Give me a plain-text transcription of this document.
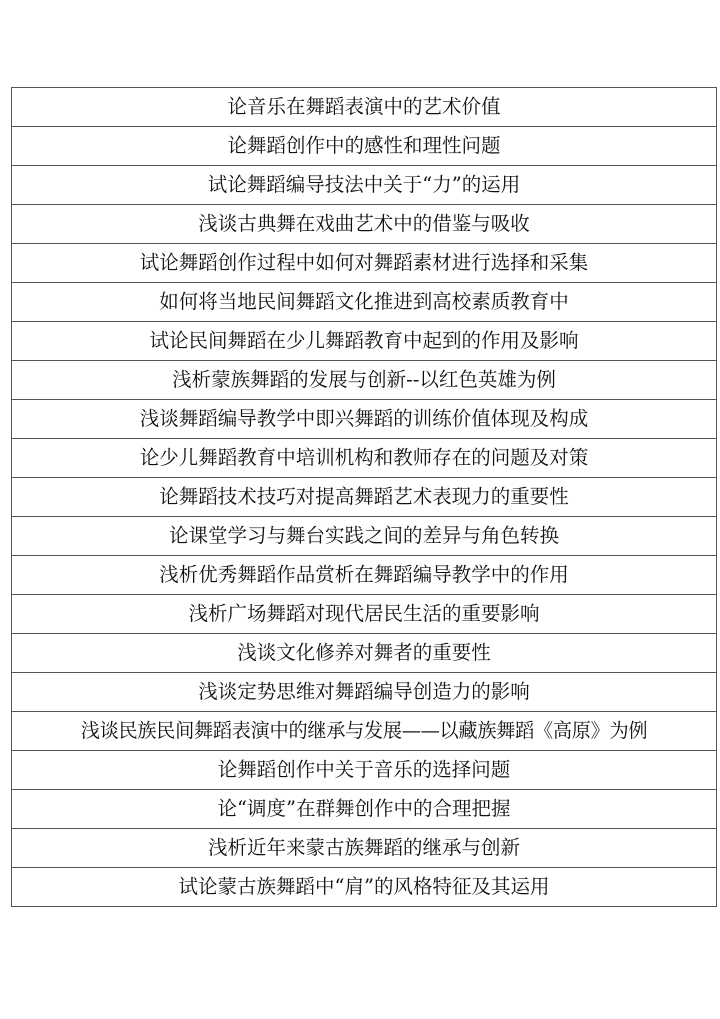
论音乐在舞蹈表演中的艺术价值
论舞蹈创作中的感性和理性问题
试论舞蹈编导技法中关于“力”的运用
浅谈古典舞在戏曲艺术中的借鉴与吸收
试论舞蹈创作过程中如何对舞蹈素材进行选择和采集
如何将当地民间舞蹈文化推进到高校素质教育中
试论民间舞蹈在少儿舞蹈教育中起到的作用及影响
浅析蒙族舞蹈的发展与创新--以红色英雄为例
浅谈舞蹈编导教学中即兴舞蹈的训练价值体现及构成
论少儿舞蹈教育中培训机构和教师存在的问题及对策
论舞蹈技术技巧对提高舞蹈艺术表现力的重要性
论课堂学习与舞台实践之间的差异与角色转换
浅析优秀舞蹈作品赏析在舞蹈编导教学中的作用
浅析广场舞蹈对现代居民生活的重要影响
浅谈文化修养对舞者的重要性
浅谈定势思维对舞蹈编导创造力的影响
浅谈民族民间舞蹈表演中的继承与发展——以藏族舞蹈《高原》为例
论舞蹈创作中关于音乐的选择问题
论“调度”在群舞创作中的合理把握
浅析近年来蒙古族舞蹈的继承与创新
试论蒙古族舞蹈中“肩”的风格特征及其运用
